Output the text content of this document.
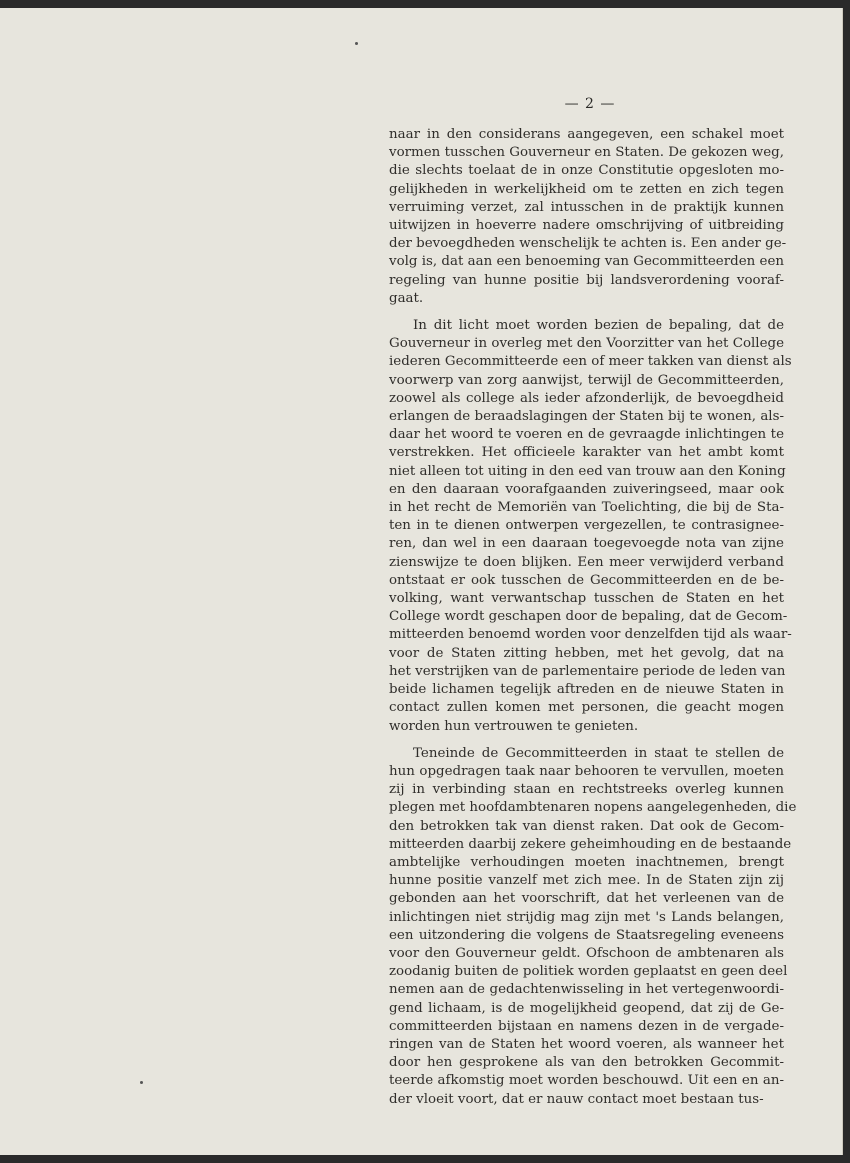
— 2 —

naar in den considerans aangegeven, een schakel moet
vormen tusschen Gouverneur en Staten. De gekozen weg,
die slechts toelaat de in onze Constitutie opgesloten mo-
gelijkheden in werkelijkheid om te zetten en zich tegen
verruiming verzet, zal intusschen in de praktijk kunnen
uitwijzen in hoeverre nadere omschrijving of uitbreiding
der bevoegdheden wenschelijk te achten is. Een ander ge-
volg is, dat aan een benoeming van Gecommitteerden een
regeling van hunne positie bij landsverordening vooraf-
gaat.

In dit licht moet worden bezien de bepaling, dat de
Gouverneur in overleg met den Voorzitter van het College
iederen Gecommitteerde een of meer takken van dienst als
voorwerp van zorg aanwijst, terwijl de Gecommitteerden,
zoowel als college als ieder afzonderlijk, de bevoegdheid
erlangen de beraadslagingen der Staten bij te wonen, als-
daar het woord te voeren en de gevraagde inlichtingen te
verstrekken. Het officieele karakter van het ambt komt
niet alleen tot uiting in den eed van trouw aan den Koning
en den daaraan voorafgaanden zuiveringseed, maar ook
in het recht de Memoriën van Toelichting, die bij de Sta-
ten in te dienen ontwerpen vergezellen, te contrasignee-
ren, dan wel in een daaraan toegevoegde nota van zijne
zienswijze te doen blijken. Een meer verwijderd verband
ontstaat er ook tusschen de Gecommitteerden en de be-
volking, want verwantschap tusschen de Staten en het
College wordt geschapen door de bepaling, dat de Gecom-
mitteerden benoemd worden voor denzelfden tijd als waar-
voor de Staten zitting hebben, met het gevolg, dat na
het verstrijken van de parlementaire periode de leden van
beide lichamen tegelijk aftreden en de nieuwe Staten in
contact zullen komen met personen, die geacht mogen
worden hun vertrouwen te genieten.

Teneinde de Gecommitteerden in staat te stellen de
hun opgedragen taak naar behooren te vervullen, moeten
zij in verbinding staan en rechtstreeks overleg kunnen
plegen met hoofdambtenaren nopens aangelegenheden, die
den betrokken tak van dienst raken. Dat ook de Gecom-
mitteerden daarbij zekere geheimhouding en de bestaande
ambtelijke verhoudingen moeten inachtnemen, brengt
hunne positie vanzelf met zich mee. In de Staten zijn zij
gebonden aan het voorschrift, dat het verleenen van de
inlichtingen niet strijdig mag zijn met 's Lands belangen,
een uitzondering die volgens de Staatsregeling eveneens
voor den Gouverneur geldt. Ofschoon de ambtenaren als
zoodanig buiten de politiek worden geplaatst en geen deel
nemen aan de gedachtenwisseling in het vertegenwoordi-
gend lichaam, is de mogelijkheid geopend, dat zij de Ge-
committeerden bijstaan en namens dezen in de vergade-
ringen van de Staten het woord voeren, als wanneer het
door hen gesprokene als van den betrokken Gecommit-
teerde afkomstig moet worden beschouwd. Uit een en an-
der vloeit voort, dat er nauw contact moet bestaan tus-
